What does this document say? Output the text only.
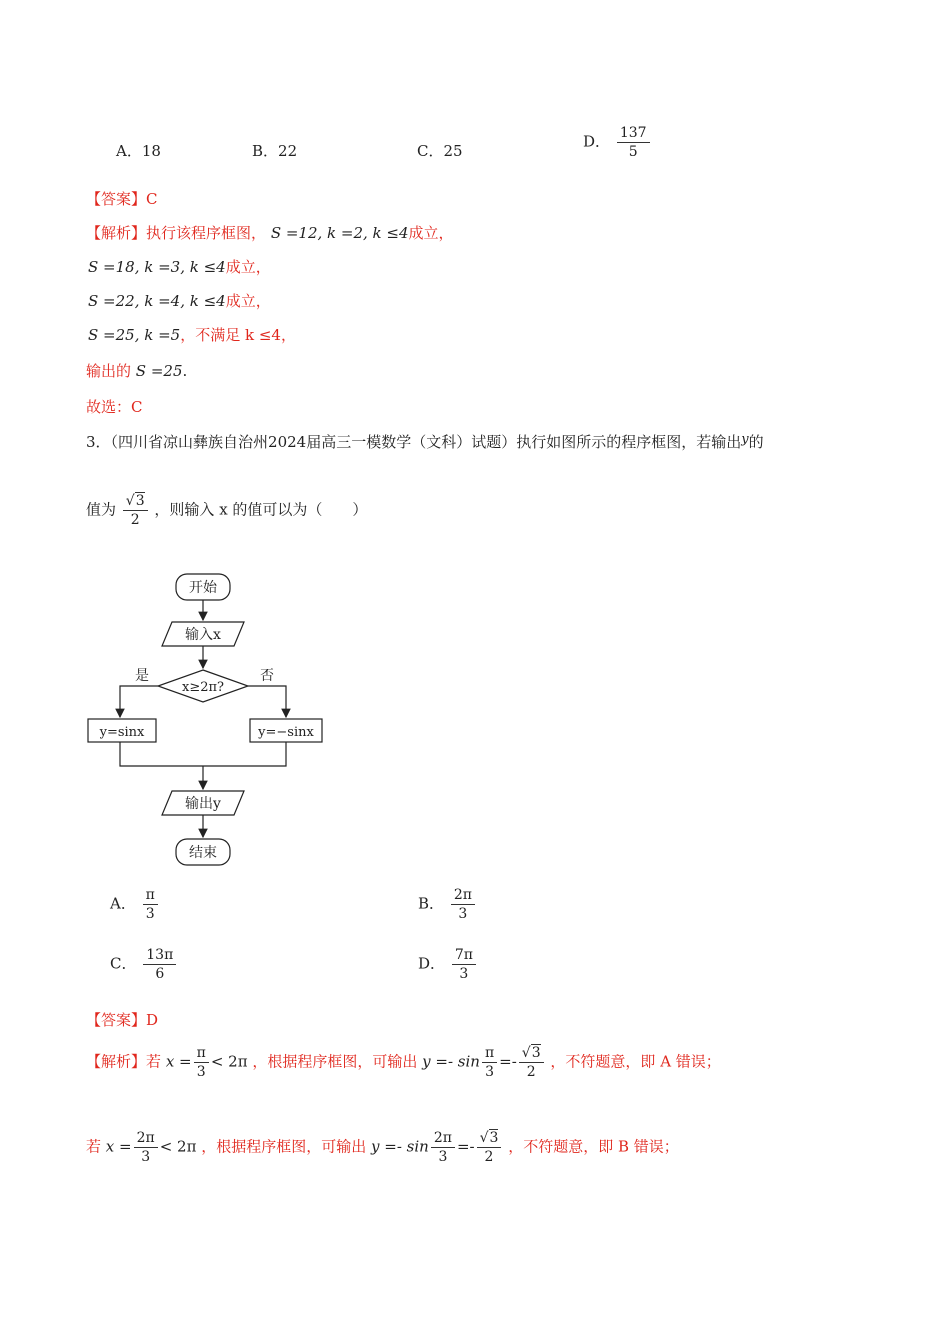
A．18	B．22	C．25
D． $\frac{137}{5}$
【答案】C
【解析】执行该程序框图， S =12, k =2, k ≤4成立，
S =18, k =3, k ≤4成立，
S =22, k =4, k ≤4成立，
S =25, k =5，不满足 k ≤4，
输出的 S =25.
故选：C
3．（四川省凉山彝族自治州2024届高三一模数学（文科）试题）执行如图所示的程序框图，若输出y的
值为 $\frac{√3}{2}$ ，则输入 x 的值可以为（　　）
开始
输入x
x≥2π?
是	否
y=sinx	y=−sinx
输出y
结束
A． $\frac{\pi}{3}$	B． $\frac{2\pi}{3}$
C． $\frac{13\pi}{6}$	D． $\frac{7\pi}{3}$
【答案】D
【解析】若 $x = \frac{\pi}{3} < 2\pi$ ，根据程序框图，可输出 $y =- \sin \frac{\pi}{3} =- \frac{√3}{2}$ ，不符题意，即 A 错误；
若 $x = \frac{2\pi}{3} < 2\pi$ ，根据程序框图，可输出 $y =- \sin \frac{2\pi}{3} =- \frac{√3}{2}$ ，不符题意，即 B 错误；
